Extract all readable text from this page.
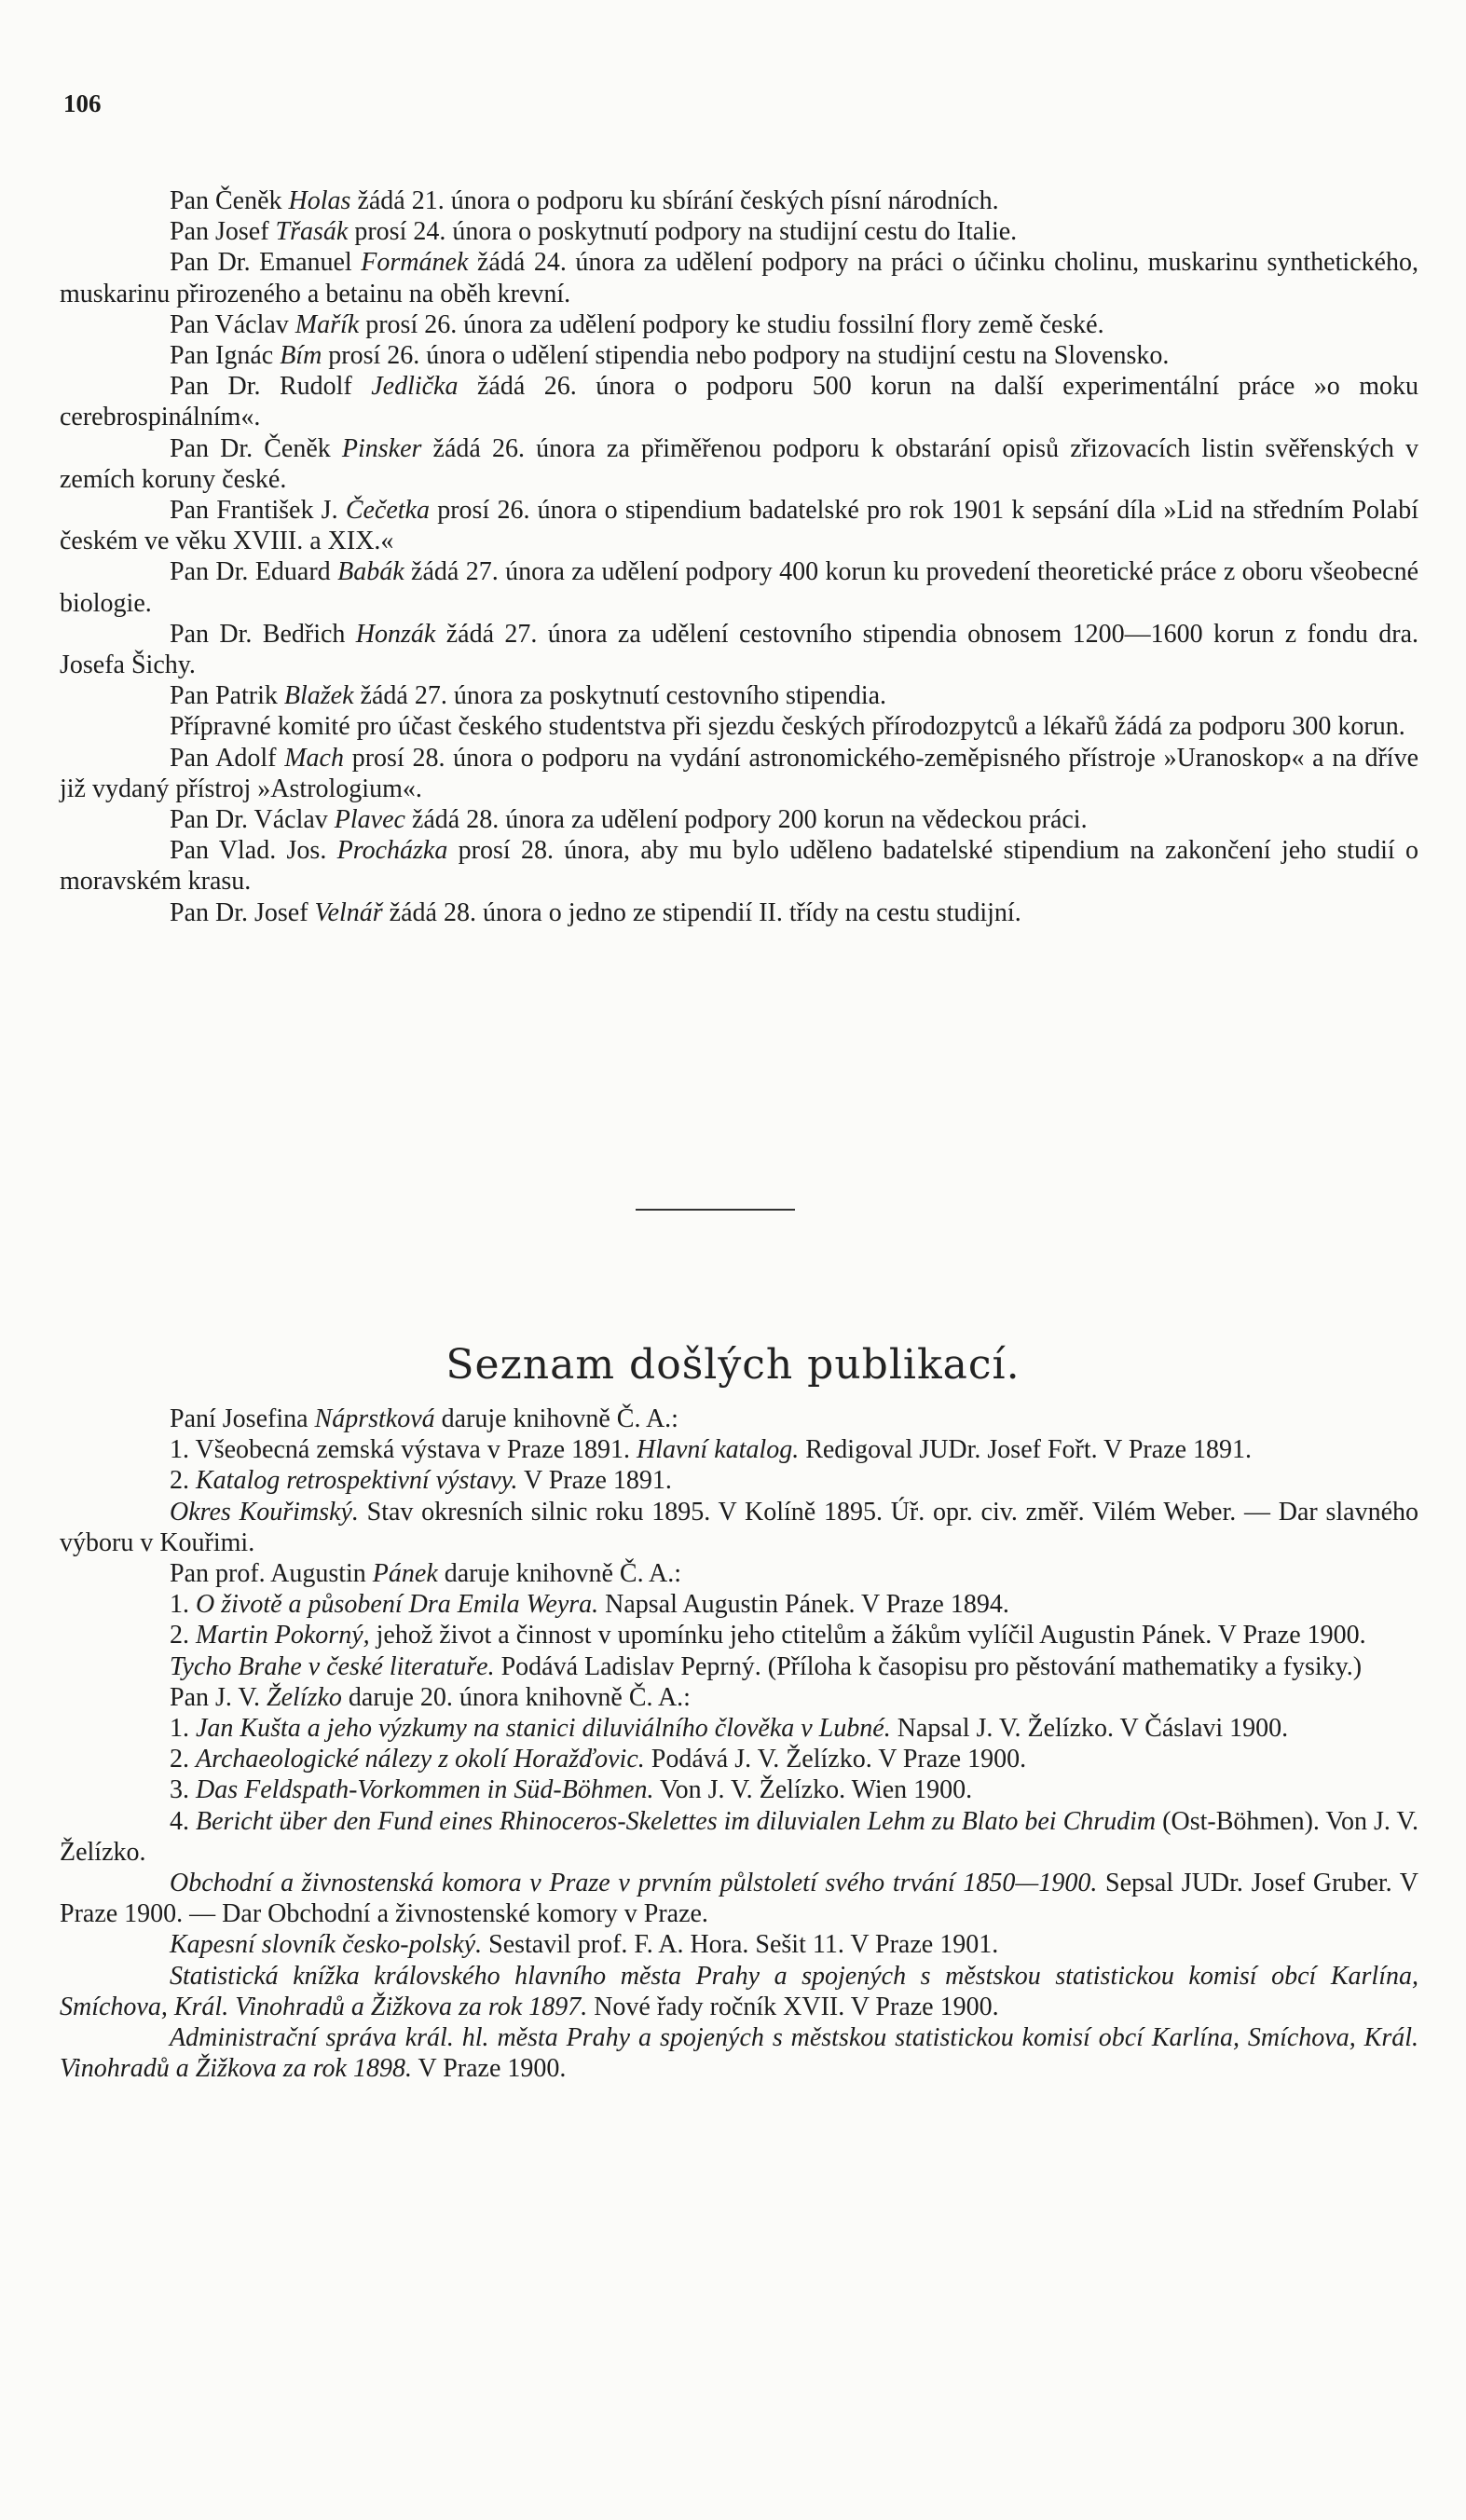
106

Pan Čeněk Holas žádá 21. února o podporu ku sbírání českých písní národních.

Pan Josef Třasák prosí 24. února o poskytnutí podpory na studijní cestu do Italie.

Pan Dr. Emanuel Formánek žádá 24. února za udělení podpory na práci o účinku cholinu, muskarinu synthetického, muskarinu přirozeného a betainu na oběh krevní.

Pan Václav Mařík prosí 26. února za udělení podpory ke studiu fossilní flory země české.

Pan Ignác Bím prosí 26. února o udělení stipendia nebo podpory na studijní cestu na Slovensko.

Pan Dr. Rudolf Jedlička žádá 26. února o podporu 500 korun na další experimentální práce »o moku cerebrospinálním«.

Pan Dr. Čeněk Pinsker žádá 26. února za přiměřenou podporu k obstarání opisů zřizovacích listin svěřenských v zemích koruny české.

Pan František J. Čečetka prosí 26. února o stipendium badatelské pro rok 1901 k sepsání díla »Lid na středním Polabí českém ve věku XVIII. a XIX.«

Pan Dr. Eduard Babák žádá 27. února za udělení podpory 400 korun ku provedení theoretické práce z oboru všeobecné biologie.

Pan Dr. Bedřich Honzák žádá 27. února za udělení cestovního stipendia obnosem 1200—1600 korun z fondu dra. Josefa Šichy.

Pan Patrik Blažek žádá 27. února za poskytnutí cestovního stipendia.

Přípravné komité pro účast českého studentstva při sjezdu českých přírodozpytců a lékařů žádá za podporu 300 korun.

Pan Adolf Mach prosí 28. února o podporu na vydání astronomického-zeměpisného přístroje »Uranoskop« a na dříve již vydaný přístroj »Astrologium«.

Pan Dr. Václav Plavec žádá 28. února za udělení podpory 200 korun na vědeckou práci.

Pan Vlad. Jos. Procházka prosí 28. února, aby mu bylo uděleno badatelské stipendium na zakončení jeho studií o moravském krasu.

Pan Dr. Josef Velnář žádá 28. února o jedno ze stipendií II. třídy na cestu studijní.

Seznam došlých publikací.

Paní Josefina Náprstková daruje knihovně Č. A.:

1. Všeobecná zemská výstava v Praze 1891. Hlavní katalog. Redigoval JUDr. Josef Fořt. V Praze 1891.

2. Katalog retrospektivní výstavy. V Praze 1891.

Okres Kouřimský. Stav okresních silnic roku 1895. V Kolíně 1895. Úř. opr. civ. změř. Vilém Weber. — Dar slavného výboru v Kouřimi.

Pan prof. Augustin Pánek daruje knihovně Č. A.:

1. O životě a působení Dra Emila Weyra. Napsal Augustin Pánek. V Praze 1894.

2. Martin Pokorný, jehož život a činnost v upomínku jeho ctitelům a žákům vylíčil Augustin Pánek. V Praze 1900.

Tycho Brahe v české literatuře. Podává Ladislav Peprný. (Příloha k časopisu pro pěstování mathematiky a fysiky.)

Pan J. V. Želízko daruje 20. února knihovně Č. A.:

1. Jan Kušta a jeho výzkumy na stanici diluviálního člověka v Lubné. Napsal J. V. Želízko. V Čáslavi 1900.

2. Archaeologické nálezy z okolí Horažďovic. Podává J. V. Želízko. V Praze 1900.

3. Das Feldspath-Vorkommen in Süd-Böhmen. Von J. V. Želízko. Wien 1900.

4. Bericht über den Fund eines Rhinoceros-Skelettes im diluvialen Lehm zu Blato bei Chrudim (Ost-Böhmen). Von J. V. Želízko.

Obchodní a živnostenská komora v Praze v prvním půlstoletí svého trvání 1850—1900. Sepsal JUDr. Josef Gruber. V Praze 1900. — Dar Obchodní a živnostenské komory v Praze.

Kapesní slovník česko-polský. Sestavil prof. F. A. Hora. Sešit 11. V Praze 1901.

Statistická knížka královského hlavního města Prahy a spojených s městskou statistickou komisí obcí Karlína, Smíchova, Král. Vinohradů a Žižkova za rok 1897. Nové řady ročník XVII. V Praze 1900.

Administrační správa král. hl. města Prahy a spojených s městskou statistickou komisí obcí Karlína, Smíchova, Král. Vinohradů a Žižkova za rok 1898. V Praze 1900.
